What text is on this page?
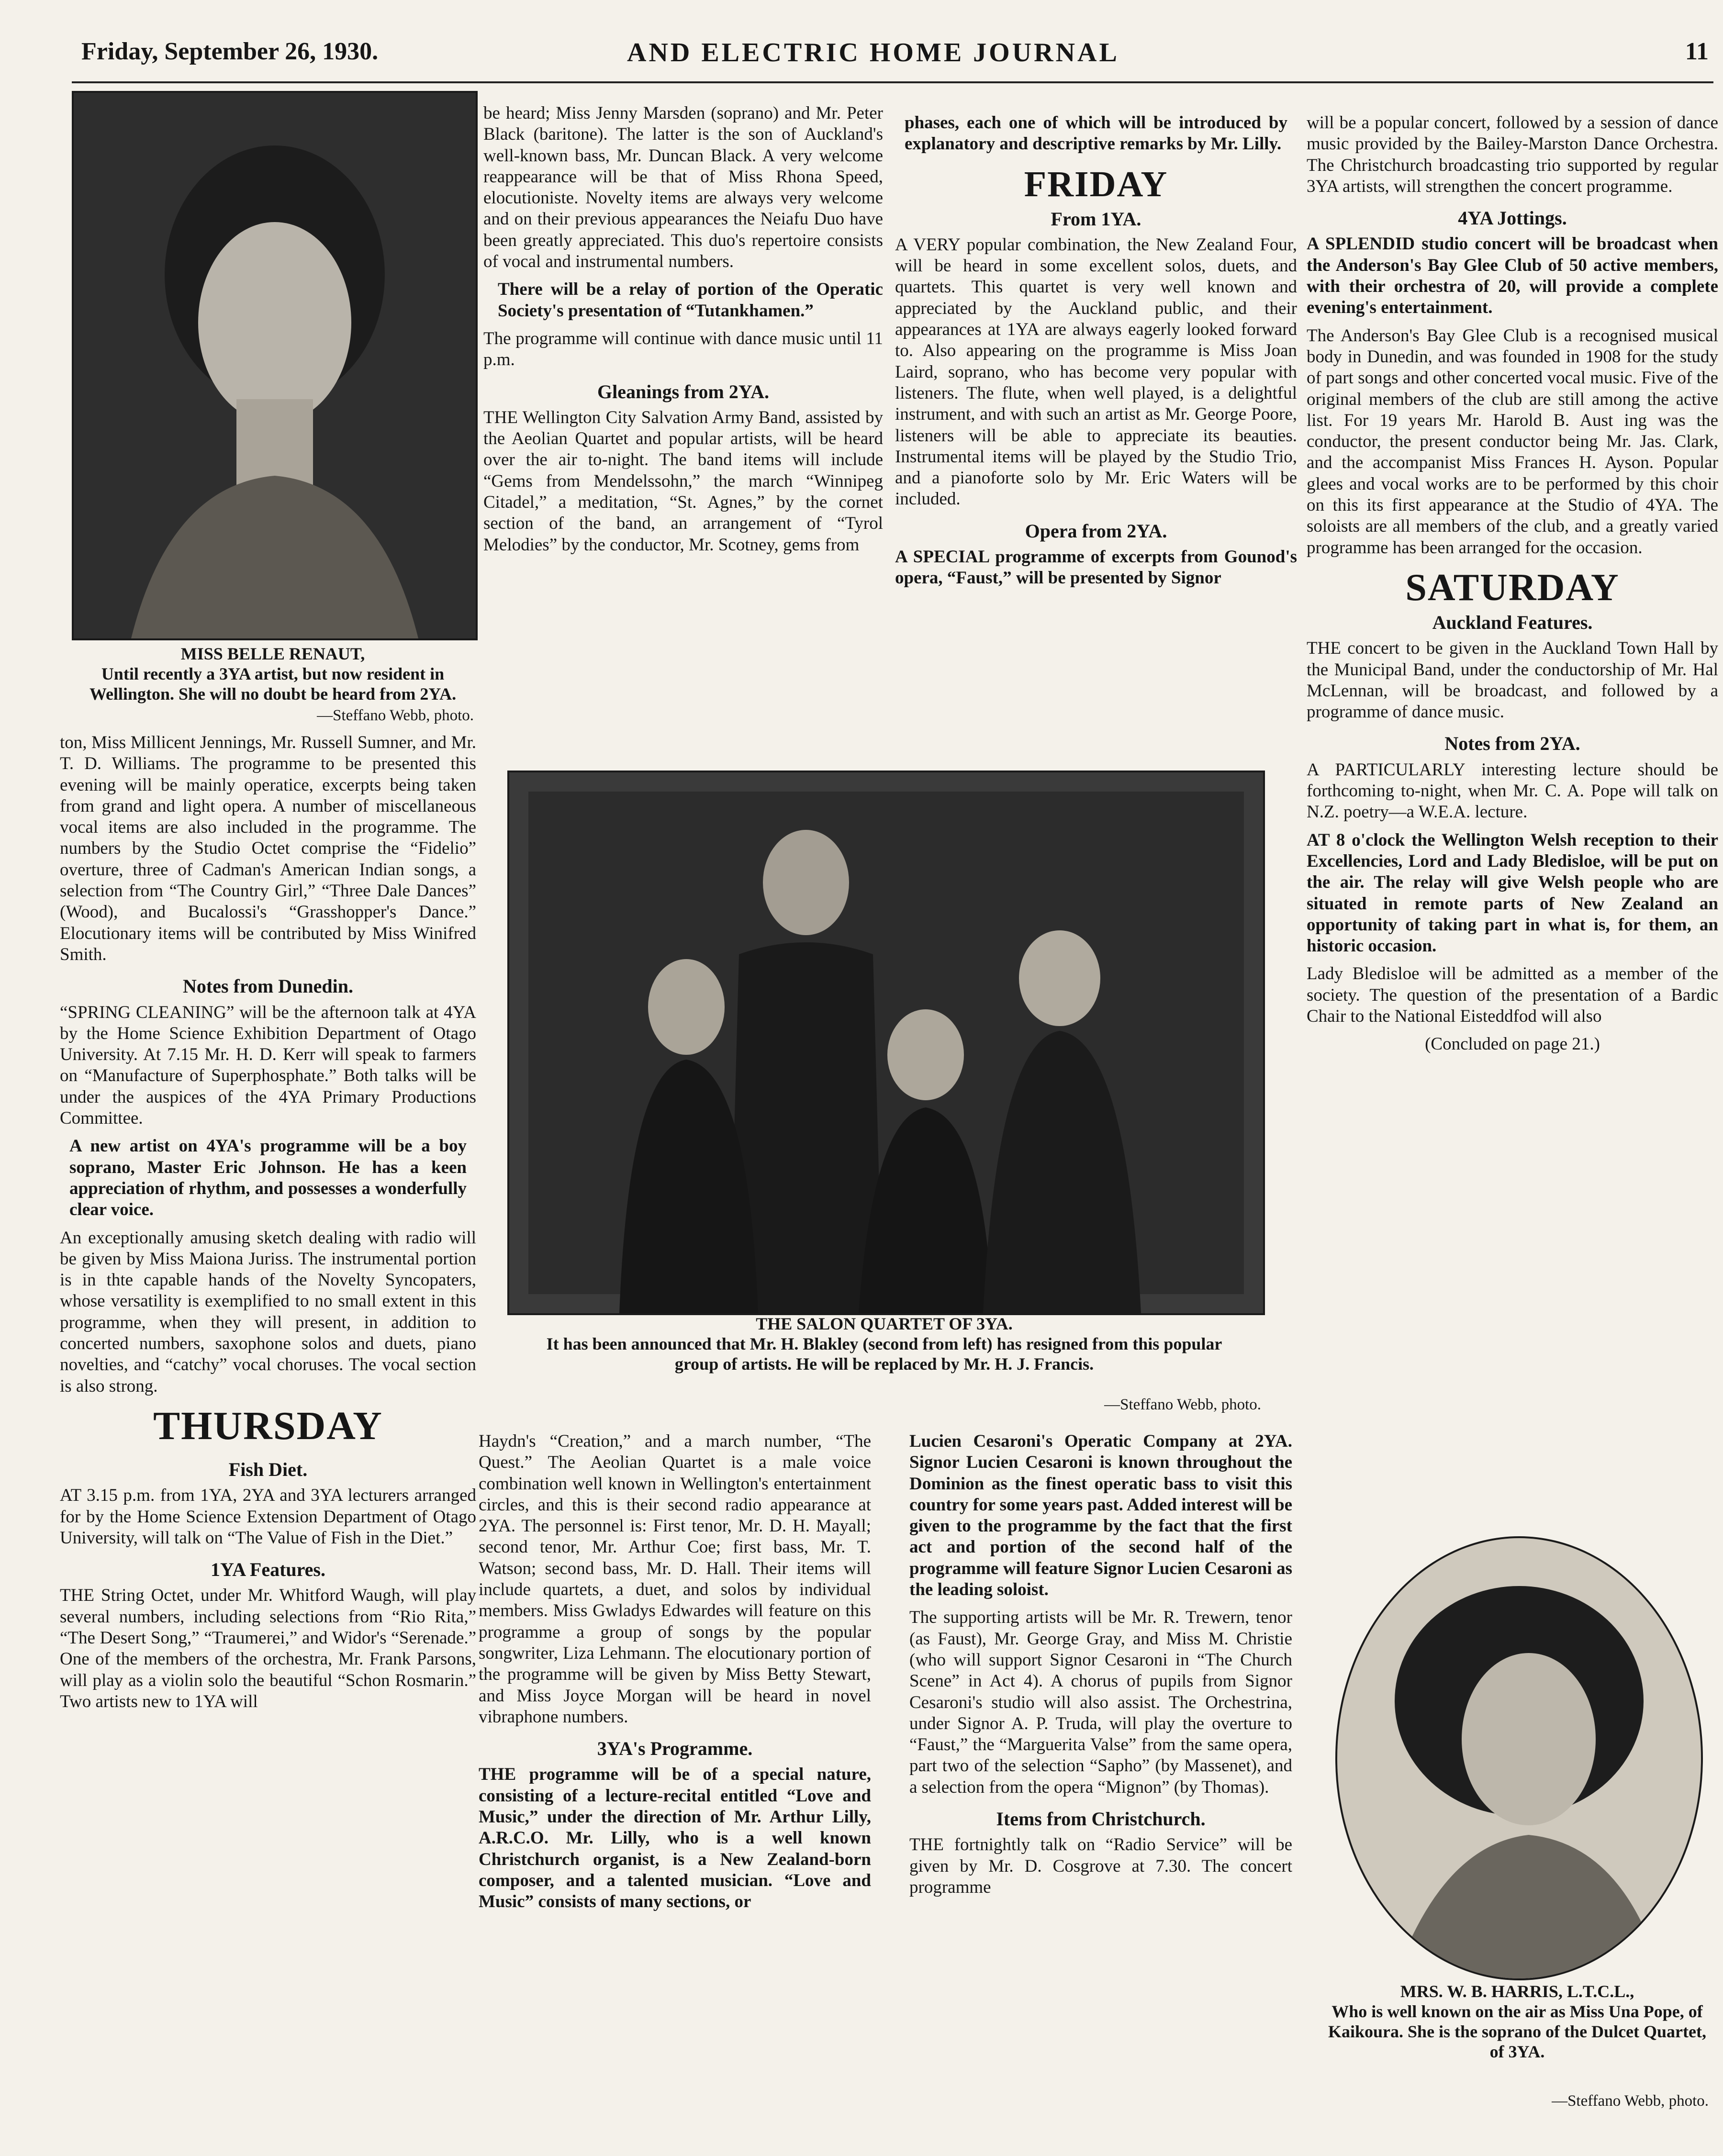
Friday, September 26, 1930.	AND ELECTRIC HOME JOURNAL	11
MISS BELLE RENAUT,
Until recently a 3YA artist, but now resident in Wellington. She will no doubt be heard from 2YA.
—Steffano Webb, photo.

ton, Miss Millicent Jennings, Mr. Russell Sumner, and Mr. T. D. Williams. The programme to be presented this evening will be mainly operatice, excerpts being taken from grand and light opera. A number of miscellaneous vocal items are also included in the programme. The numbers by the Studio Octet comprise the “Fidelio” overture, three of Cadman's American Indian songs, a selection from “The Country Girl,” “Three Dale Dances” (Wood), and Bucalossi's “Grasshopper's Dance.” Elocutionary items will be contributed by Miss Winifred Smith.

Notes from Dunedin.

“SPRING CLEANING” will be the afternoon talk at 4YA by the Home Science Exhibition Department of Otago University. At 7.15 Mr. H. D. Kerr will speak to farmers on “Manufacture of Superphosphate.” Both talks will be under the auspices of the 4YA Primary Productions Committee.

A new artist on 4YA's programme will be a boy soprano, Master Eric Johnson. He has a keen appreciation of rhythm, and possesses a wonderfully clear voice.

An exceptionally amusing sketch dealing with radio will be given by Miss Maiona Juriss. The instrumental portion is in thte capable hands of the Novelty Syncopaters, whose versatility is exemplified to no small extent in this programme, when they will present, in addition to concerted numbers, saxophone solos and duets, piano novelties, and “catchy” vocal choruses. The vocal section is also strong.

THURSDAY
Fish Diet.

AT 3.15 p.m. from 1YA, 2YA and 3YA lecturers arranged for by the Home Science Extension Department of Otago University, will talk on “The Value of Fish in the Diet.”

1YA Features.

THE String Octet, under Mr. Whitford Waugh, will play several numbers, including selections from “Rio Rita,” “The Desert Song,” “Traumerei,” and Widor's “Serenade.” One of the members of the orchestra, Mr. Frank Parsons, will play as a violin solo the beautiful “Schon Rosmarin.” Two artists new to 1YA will

be heard; Miss Jenny Marsden (soprano) and Mr. Peter Black (baritone). The latter is the son of Auckland's well-known bass, Mr. Duncan Black. A very welcome reappearance will be that of Miss Rhona Speed, elocutioniste. Novelty items are always very welcome and on their previous appearances the Neiafu Duo have been greatly appreciated. This duo's repertoire consists of vocal and instrumental numbers.

There will be a relay of portion of the Operatic Society's presentation of “Tutankhamen.”

The programme will continue with dance music until 11 p.m.

Gleanings from 2YA.

THE Wellington City Salvation Army Band, assisted by the Aeolian Quartet and popular artists, will be heard over the air to-night. The band items will include “Gems from Mendelssohn,” the march “Winnipeg Citadel,” a meditation, “St. Agnes,” by the cornet section of the band, an arrangement of “Tyrol Melodies” by the conductor, Mr. Scotney, gems from

phases, each one of which will be introduced by explanatory and descriptive remarks by Mr. Lilly.

FRIDAY
From 1YA.

A VERY popular combination, the New Zealand Four, will be heard in some excellent solos, duets, and quartets. This quartet is very well known and appreciated by the Auckland public, and their appearances at 1YA are always eagerly looked forward to. Also appearing on the programme is Miss Joan Laird, soprano, who has become very popular with listeners. The flute, when well played, is a delightful instrument, and with such an artist as Mr. George Poore, listeners will be able to appreciate its beauties. Instrumental items will be played by the Studio Trio, and a pianoforte solo by Mr. Eric Waters will be included.

Opera from 2YA.

A SPECIAL programme of excerpts from Gounod's opera, “Faust,” will be presented by Signor

will be a popular concert, followed by a session of dance music provided by the Bailey-Marston Dance Orchestra. The Christchurch broadcasting trio supported by regular 3YA artists, will strengthen the concert programme.

4YA Jottings.

A SPLENDID studio concert will be broadcast when the Anderson's Bay Glee Club of 50 active members, with their orchestra of 20, will provide a complete evening's entertainment.

The Anderson's Bay Glee Club is a recognised musical body in Dunedin, and was founded in 1908 for the study of part songs and other concerted vocal music. Five of the original members of the club are still among the active list. For 19 years Mr. Harold B. Aust ing was the conductor, the present conductor being Mr. Jas. Clark, and the accompanist Miss Frances H. Ayson. Popular glees and vocal works are to be performed by this choir on this its first appearance at the Studio of 4YA. The soloists are all members of the club, and a greatly varied programme has been arranged for the occasion.

SATURDAY
Auckland Features.

THE concert to be given in the Auckland Town Hall by the Municipal Band, under the conductorship of Mr. Hal McLennan, will be broadcast, and followed by a programme of dance music.

Notes from 2YA.

A PARTICULARLY interesting lecture should be forthcoming to-night, when Mr. C. A. Pope will talk on N.Z. poetry—a W.E.A. lecture.

AT 8 o'clock the Wellington Welsh reception to their Excellencies, Lord and Lady Bledisloe, will be put on the air. The relay will give Welsh people who are situated in remote parts of New Zealand an opportunity of taking part in what is, for them, an historic occasion.

Lady Bledisloe will be admitted as a member of the society. The question of the presentation of a Bardic Chair to the National Eisteddfod will also

(Concluded on page 21.)
MRS. W. B. HARRIS, L.T.C.L.,
Who is well known on the air as Miss Una Pope, of Kaikoura. She is the soprano of the Dulcet Quartet, of 3YA.
—Steffano Webb, photo.
THE SALON QUARTET OF 3YA.
It has been announced that Mr. H. Blakley (second from left) has resigned from this popular group of artists. He will be replaced by Mr. H. J. Francis.
—Steffano Webb, photo.

Haydn's “Creation,” and a march number, “The Quest.” The Aeolian Quartet is a male voice combination well known in Wellington's entertainment circles, and this is their second radio appearance at 2YA. The personnel is: First tenor, Mr. D. H. Mayall; second tenor, Mr. Arthur Coe; first bass, Mr. T. Watson; second bass, Mr. D. Hall. Their items will include quartets, a duet, and solos by individual members. Miss Gwladys Edwardes will feature on this programme a group of songs by the popular songwriter, Liza Lehmann. The elocutionary portion of the programme will be given by Miss Betty Stewart, and Miss Joyce Morgan will be heard in novel vibraphone numbers.

3YA's Programme.

THE programme will be of a special nature, consisting of a lecture-recital entitled “Love and Music,” under the direction of Mr. Arthur Lilly, A.R.C.O. Mr. Lilly, who is a well known Christchurch organist, is a New Zealand-born composer, and a talented musician. “Love and Music” consists of many sections, or

Lucien Cesaroni's Operatic Company at 2YA. Signor Lucien Cesaroni is known throughout the Dominion as the finest operatic bass to visit this country for some years past. Added interest will be given to the programme by the fact that the first act and portion of the second half of the programme will feature Signor Lucien Cesaroni as the leading soloist.

The supporting artists will be Mr. R. Trewern, tenor (as Faust), Mr. George Gray, and Miss M. Christie (who will support Signor Cesaroni in “The Church Scene” in Act 4). A chorus of pupils from Signor Cesaroni's studio will also assist. The Orchestrina, under Signor A. P. Truda, will play the overture to “Faust,” the “Marguerita Valse” from the same opera, part two of the selection “Sapho” (by Massenet), and a selection from the opera “Mignon” (by Thomas).

Items from Christchurch.

THE fortnightly talk on “Radio Service” will be given by Mr. D. Cosgrove at 7.30. The concert programme
